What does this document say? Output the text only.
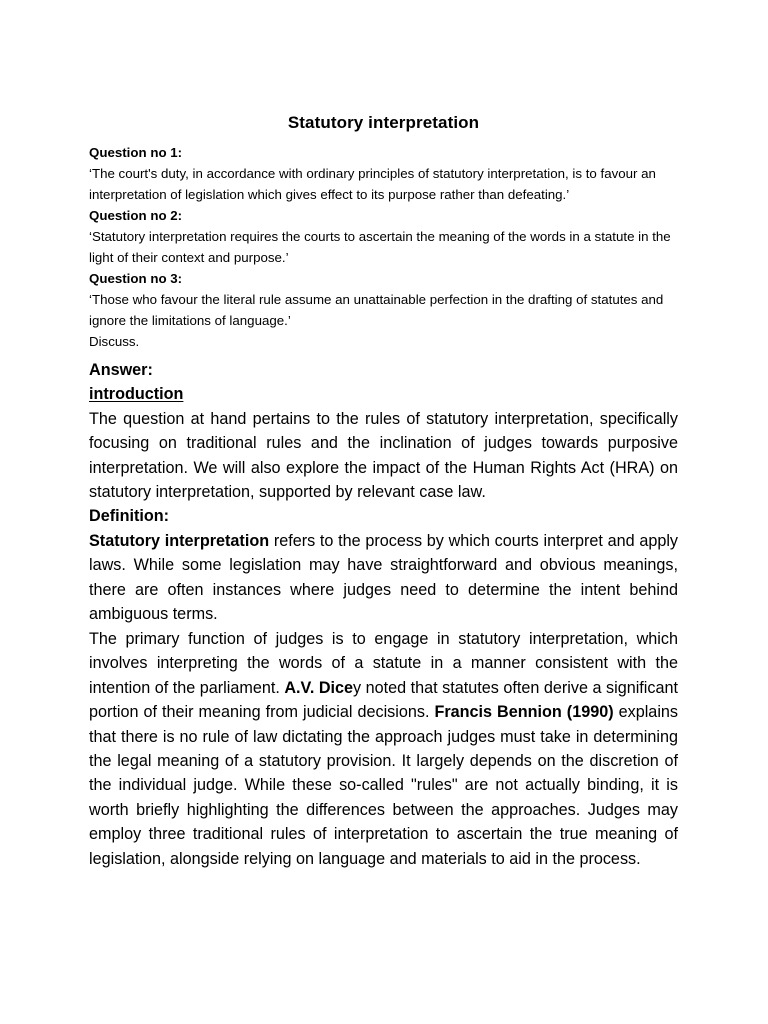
Statutory interpretation

Question no 1:

‘The court's duty, in accordance with ordinary principles of statutory interpretation, is to favour an interpretation of legislation which gives effect to its purpose rather than defeating.’

Question no 2:

‘Statutory interpretation requires the courts to ascertain the meaning of the words in a statute in the light of their context and purpose.’

Question no 3:

‘Those who favour the literal rule assume an unattainable perfection in the drafting of statutes and ignore the limitations of language.’

Discuss.

Answer:

introduction

The question at hand pertains to the rules of statutory interpretation, specifically focusing on traditional rules and the inclination of judges towards purposive interpretation. We will also explore the impact of the Human Rights Act (HRA) on statutory interpretation, supported by relevant case law.

Definition:

Statutory interpretation refers to the process by which courts interpret and apply laws. While some legislation may have straightforward and obvious meanings, there are often instances where judges need to determine the intent behind ambiguous terms.

The primary function of judges is to engage in statutory interpretation, which involves interpreting the words of a statute in a manner consistent with the intention of the parliament. A.V. Dicey noted that statutes often derive a significant portion of their meaning from judicial decisions. Francis Bennion (1990) explains that there is no rule of law dictating the approach judges must take in determining the legal meaning of a statutory provision. It largely depends on the discretion of the individual judge. While these so-called "rules" are not actually binding, it is worth briefly highlighting the differences between the approaches. Judges may employ three traditional rules of interpretation to ascertain the true meaning of legislation, alongside relying on language and materials to aid in the process.
